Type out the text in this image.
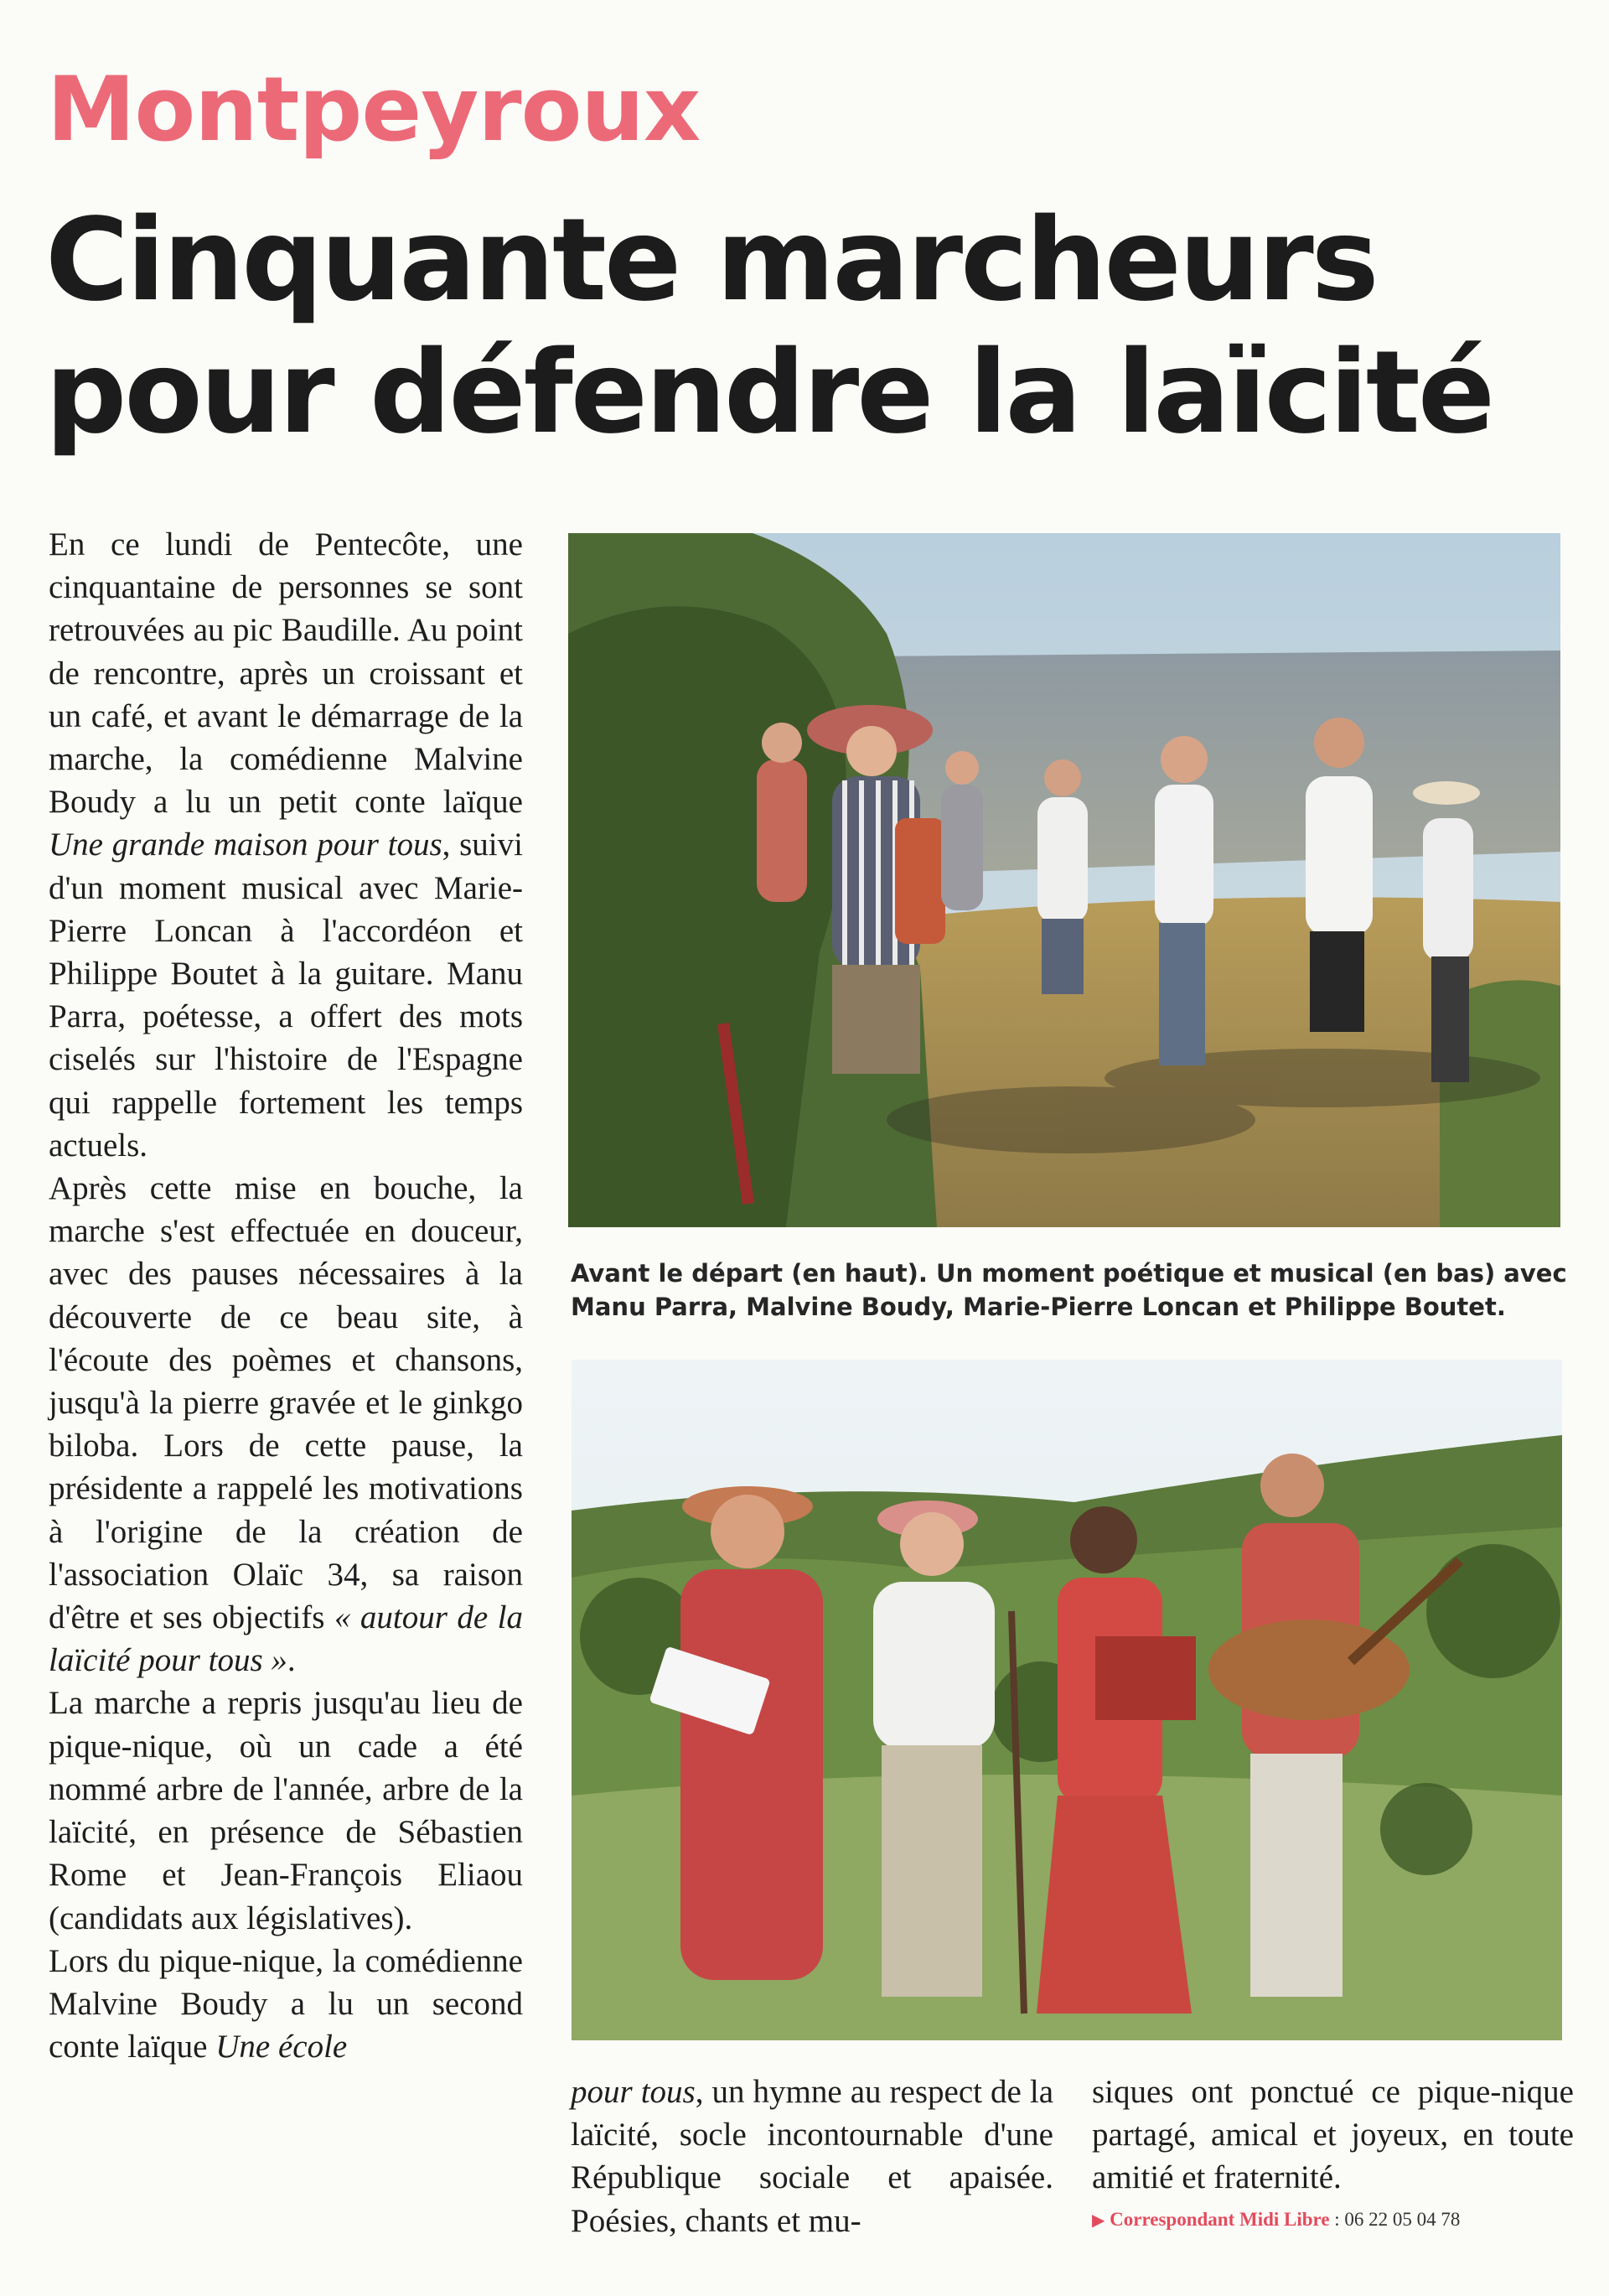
Montpeyroux
Cinquante marcheurs
pour défendre la laïcité

En ce lundi de Pentecôte, une cinquantaine de personnes se sont retrouvées au pic Baudille. Au point de rencontre, après un croissant et un café, et avant le démarrage de la marche, la comédienne Malvine Boudy a lu un petit conte laïque Une grande maison pour tous, suivi d'un moment musical avec Marie-Pierre Loncan à l'accordéon et Philippe Boutet à la guitare. Manu Parra, poétesse, a offert des mots ciselés sur l'histoire de l'Espagne qui rappelle fortement les temps actuels.

Après cette mise en bouche, la marche s'est effectuée en douceur, avec des pauses nécessaires à la découverte de ce beau site, à l'écoute des poèmes et chansons, jusqu'à la pierre gravée et le ginkgo biloba. Lors de cette pause, la présidente a rappelé les motivations à l'origine de la création de l'association Olaïc 34, sa raison d'être et ses objectifs « autour de la laïcité pour tous ».

La marche a repris jusqu'au lieu de pique-nique, où un cade a été nommé arbre de l'année, arbre de la laïcité, en présence de Sébastien Rome et Jean-François Eliaou (candidats aux législatives).

Lors du pique-nique, la comédienne Malvine Boudy a lu un second conte laïque Une école

Avant le départ (en haut). Un moment poétique et musical (en bas) avec
Manu Parra, Malvine Boudy, Marie-Pierre Loncan et Philippe Boutet.

pour tous, un hymne au respect de la laïcité, socle incontournable d'une République sociale et apaisée. Poésies, chants et mu-

siques ont ponctué ce pique-nique partagé, amical et joyeux, en toute amitié et fraternité.

▶ Correspondant Midi Libre : 06 22 05 04 78
